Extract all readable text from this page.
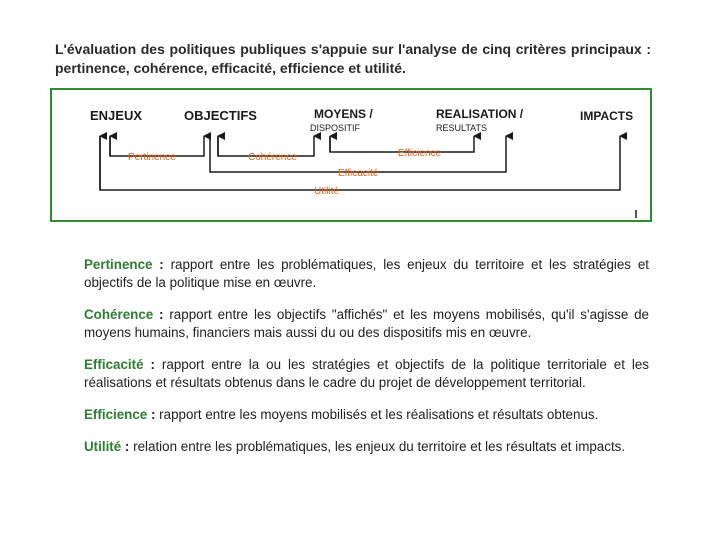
L'évaluation des politiques publiques s'appuie sur l'analyse de cinq critères principaux : pertinence, cohérence, efficacité, efficience et utilité.
ENJEUX	OBJECTIFS	MOYENS /
DISPOSITIF
REALISATION /
RESULTATS
IMPACTS
Pertinence	Cohérence	Efficience
Efficacité
Utilité

Pertinence : rapport entre les problématiques, les enjeux du territoire et les stratégies et objectifs de la politique mise en œuvre.

Cohérence : rapport entre les objectifs "affichés" et les moyens mobilisés, qu'il s'agisse de moyens humains, financiers mais aussi du ou des dispositifs mis en œuvre.

Efficacité : rapport entre la ou les stratégies et objectifs de la politique territoriale et les réalisations et résultats obtenus dans le cadre du projet de développement territorial.

Efficience : rapport entre les moyens mobilisés et les réalisations et résultats obtenus.

Utilité : relation entre les problématiques, les enjeux du territoire et les résultats et impacts.
